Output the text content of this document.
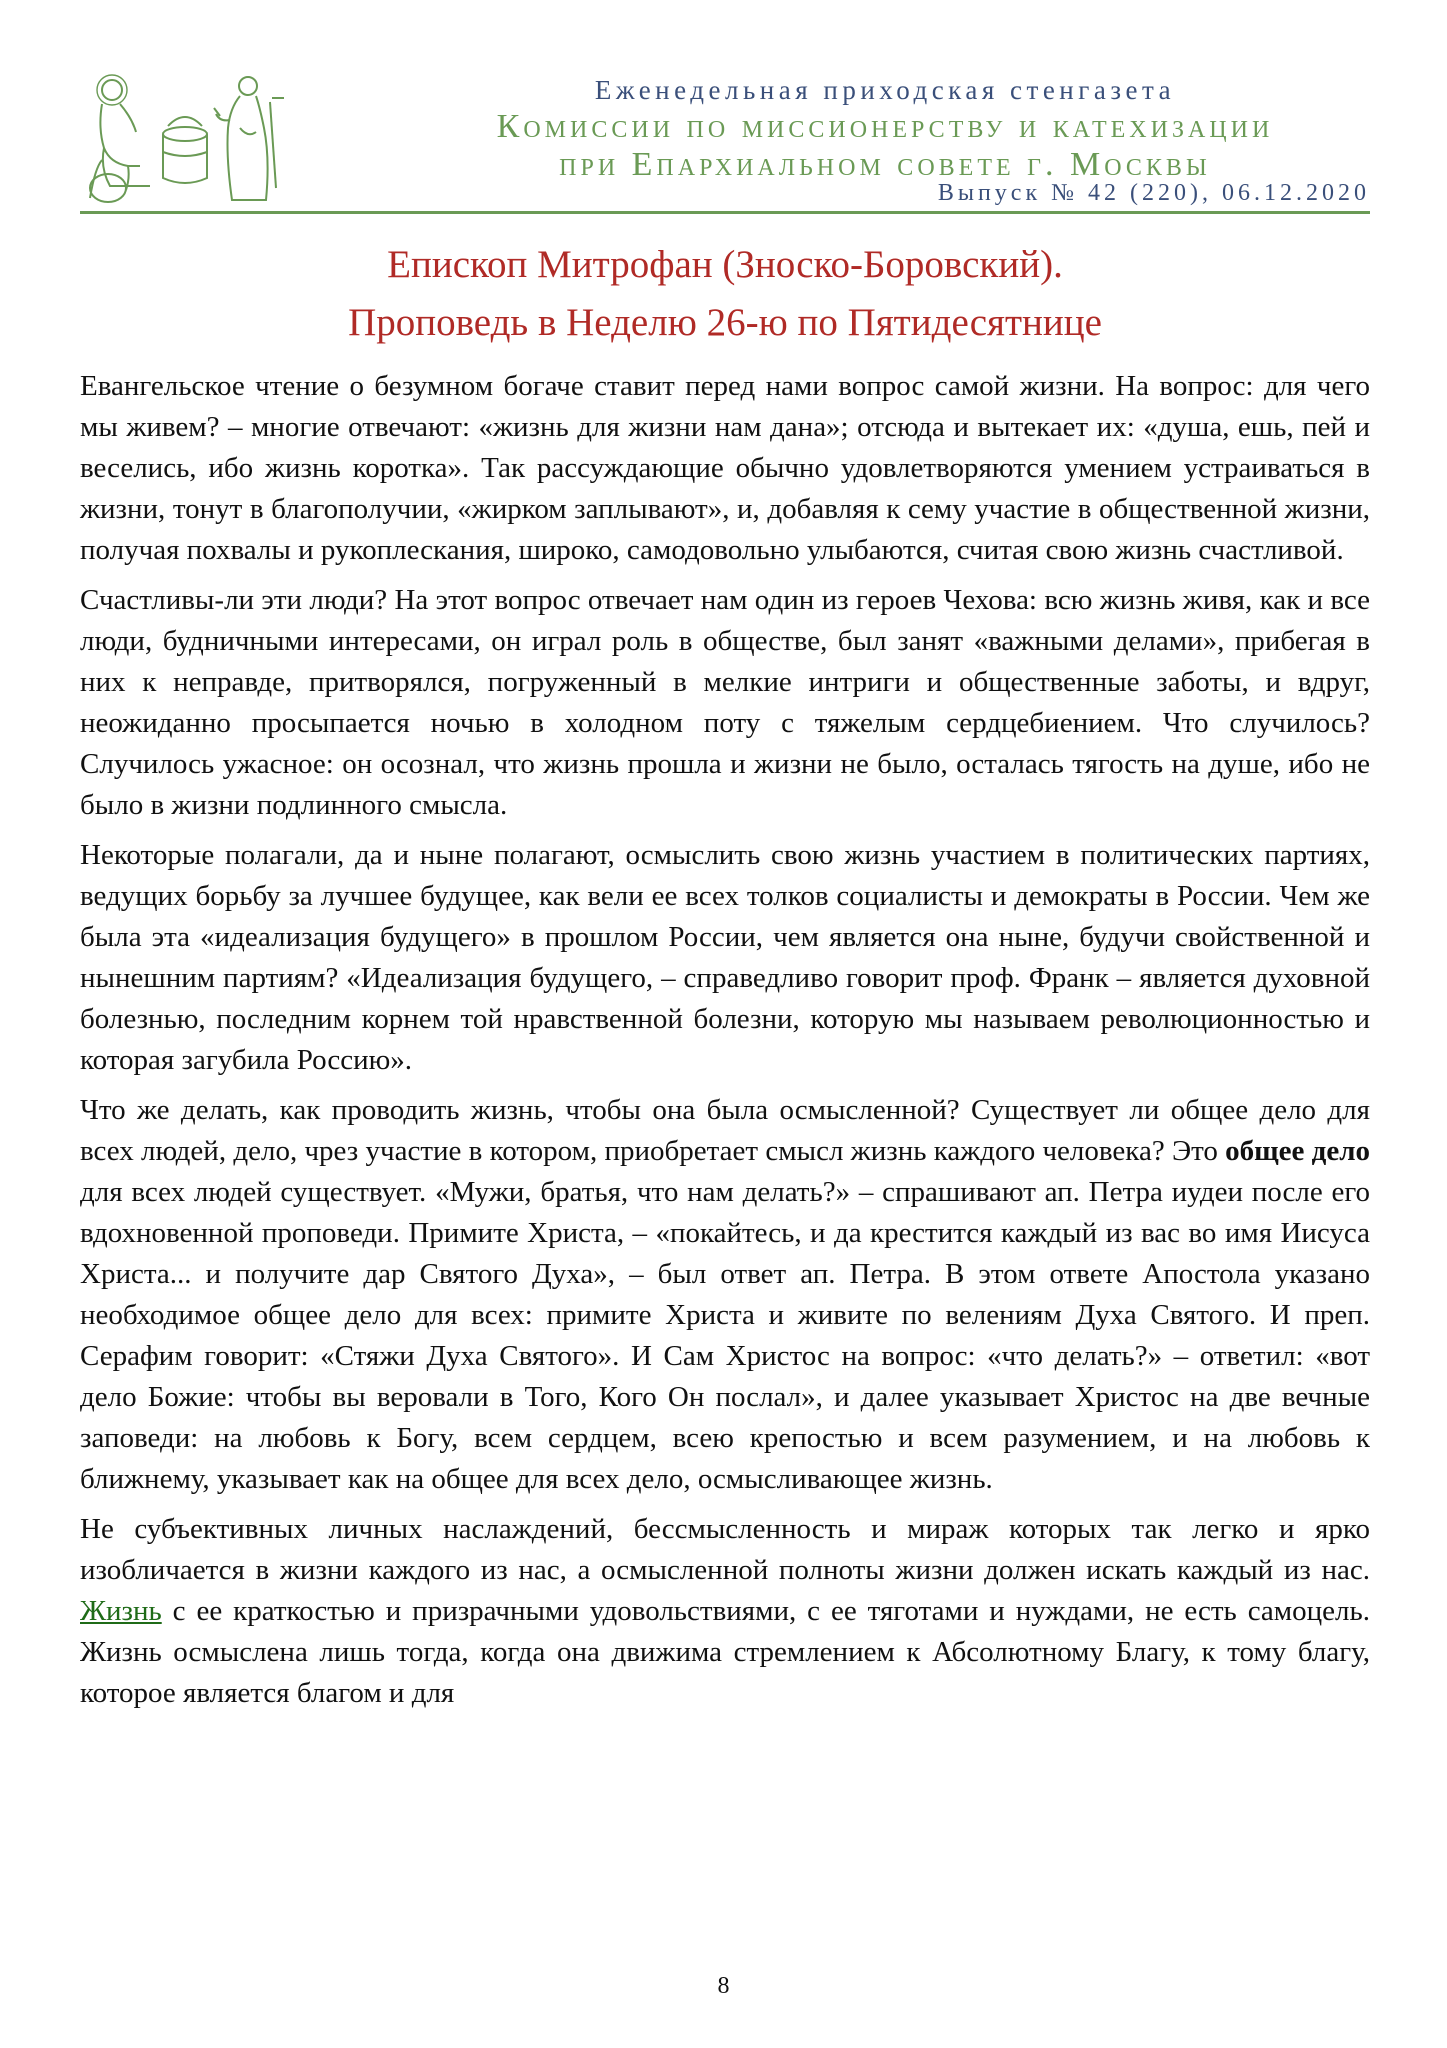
Еженедельная приходская стенгазета
Комиссии по миссионерству и катехизации
при Епархиальном совете г. Москвы
Выпуск № 42 (220), 06.12.2020
Епископ Митрофан (Зноско-Боровский).
Проповедь в Неделю 26-ю по Пятидесятнице

Евангельское чтение о безумном богаче ставит перед нами вопрос самой жизни. На вопрос: для чего мы живем? – многие отвечают: «жизнь для жизни нам дана»; отсюда и вытекает их: «душа, ешь, пей и веселись, ибо жизнь коротка». Так рассуждающие обычно удовлетворяются умением устраиваться в жизни, тонут в благополучии, «жирком заплывают», и, добавляя к сему участие в общественной жизни, получая похвалы и рукоплескания, широко, самодовольно улыбаются, считая свою жизнь счастливой.

Счастливы-ли эти люди? На этот вопрос отвечает нам один из героев Чехова: всю жизнь живя, как и все люди, будничными интересами, он играл роль в обществе, был занят «важными делами», прибегая в них к неправде, притворялся, погруженный в мелкие интриги и общественные заботы, и вдруг, неожиданно просыпается ночью в холодном поту с тяжелым сердцебиением. Что случилось? Случилось ужасное: он осознал, что жизнь прошла и жизни не было, осталась тягость на душе, ибо не было в жизни подлинного смысла.

Некоторые полагали, да и ныне полагают, осмыслить свою жизнь участием в политических партиях, ведущих борьбу за лучшее будущее, как вели ее всех толков социалисты и демократы в России. Чем же была эта «идеализация будущего» в прошлом России, чем является она ныне, будучи свойственной и нынешним партиям? «Идеализация будущего, – справедливо говорит проф. Франк – является духовной болезнью, последним корнем той нравственной болезни, которую мы называем революционностью и которая загубила Россию».

Что же делать, как проводить жизнь, чтобы она была осмысленной? Существует ли общее дело для всех людей, дело, чрез участие в котором, приобретает смысл жизнь каждого человека? Это общее дело для всех людей существует. «Мужи, братья, что нам делать?» – спрашивают ап. Петра иудеи после его вдохновенной проповеди. Примите Христа, – «покайтесь, и да крестится каждый из вас во имя Иисуса Христа... и получите дар Святого Духа», – был ответ ап. Петра. В этом ответе Апостола указано необходимое общее дело для всех: примите Христа и живите по велениям Духа Святого. И преп. Серафим говорит: «Стяжи Духа Святого». И Сам Христос на вопрос: «что делать?» – ответил: «вот дело Божие: чтобы вы веровали в Того, Кого Он послал», и далее указывает Христос на две вечные заповеди: на любовь к Богу, всем сердцем, всею крепостью и всем разумением, и на любовь к ближнему, указывает как на общее для всех дело, осмысливающее жизнь.

Не субъективных личных наслаждений, бессмысленность и мираж которых так легко и ярко изобличается в жизни каждого из нас, а осмысленной полноты жизни должен искать каждый из нас. Жизнь с ее краткостью и призрачными удовольствиями, с ее тяготами и нуждами, не есть самоцель. Жизнь осмыслена лишь тогда, когда она движима стремлением к Абсолютному Благу, к тому благу, которое является благом и для

8
